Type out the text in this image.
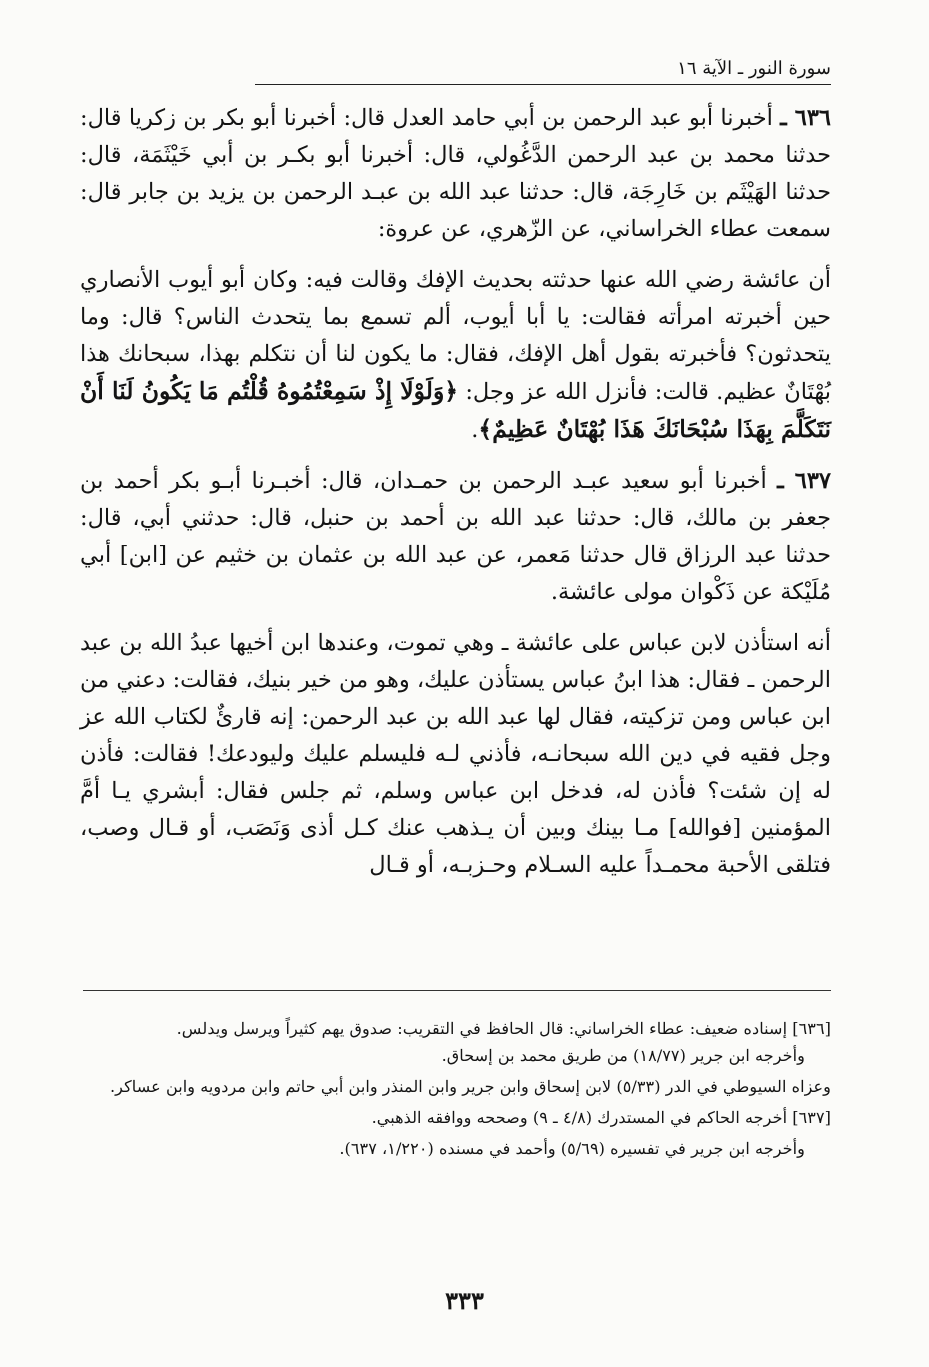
سورة النور ـ الآية ١٦

٦٣٦ ـ أخبرنا أبو عبد الرحمن بن أبي حامد العدل قال: أخبرنا أبو بكر بن زكريا قال: حدثنا محمد بن عبد الرحمن الدَّغُولي، قال: أخبرنا أبو بكـر بن أبي خَيْثَمَة، قال: حدثنا الهَيْثَم بن خَارِجَة، قال: حدثنا عبد الله بن عبـد الرحمن بن يزيد بن جابر قال: سمعت عطاء الخراساني، عن الزّهري، عن عروة:

أن عائشة رضي الله عنها حدثته بحديث الإفك وقالت فيه: وكان أبو أيوب الأنصاري حين أخبرته امرأته فقالت: يا أبا أيوب، ألم تسمع بما يتحدث الناس؟ قال: وما يتحدثون؟ فأخبرته بقول أهل الإفك، فقال: ما يكون لنا أن نتكلم بهذا، سبحانك هذا بُهْتَانٌ عظيم. قالت: فأنزل الله عز وجل: ﴿وَلَوْلَا إِذْ سَمِعْتُمُوهُ قُلْتُم مَا يَكُونُ لَنَا أَنْ نَتَكَلَّمَ بِهَذَا سُبْحَانَكَ هَذَا بُهْتَانٌ عَظِيمٌ﴾.

٦٣٧ ـ أخبرنا أبو سعيد عبـد الرحمن بن حمـدان، قال: أخبـرنا أبـو بكر أحمد بن جعفر بن مالك، قال: حدثنا عبد الله بن أحمد بن حنبل، قال: حدثني أبي، قال: حدثنا عبد الرزاق قال حدثنا مَعمر، عن عبد الله بن عثمان بن خثيم عن [ابن] أبي مُلَيْكة عن ذَكْوان مولى عائشة.

أنه استأذن لابن عباس على عائشة ـ وهي تموت، وعندها ابن أخيها عبدُ الله بن عبد الرحمن ـ فقال: هذا ابنُ عباس يستأذن عليك، وهو من خير بنيك، فقالت: دعني من ابن عباس ومن تزكيته، فقال لها عبد الله بن عبد الرحمن: إنه قارئٌ لكتاب الله عز وجل فقيه في دين الله سبحانـه، فأذني لـه فليسلم عليك وليودعك! فقالت: فأذن له إن شئت؟ فأذن له، فدخل ابن عباس وسلم، ثم جلس فقال: أبشري يـا أمَّ المؤمنين [فوالله] مـا بينك وبين أن يـذهب عنك كـل أذى وَنَصَب، أو قـال وصب، فتلقى الأحبة محمـداً عليه السـلام وحـزبـه، أو قـال

[٦٣٦] إسناده ضعيف: عطاء الخراساني: قال الحافظ في التقريب: صدوق يهم كثيراً ويرسل ويدلس.

وأخرجه ابن جرير (١٨/٧٧) من طريق محمد بن إسحاق.

وعزاه السيوطي في الدر (٥/٣٣) لابن إسحاق وابن جرير وابن المنذر وابن أبي حاتم وابن مردويه وابن عساكر.

[٦٣٧] أخرجه الحاكم في المستدرك (٤/٨ ـ ٩) وصححه ووافقه الذهبي.

وأخرجه ابن جرير في تفسيره (٥/٦٩) وأحمد في مسنده (١/٢٢٠، ٦٣٧).

٣٣٣
